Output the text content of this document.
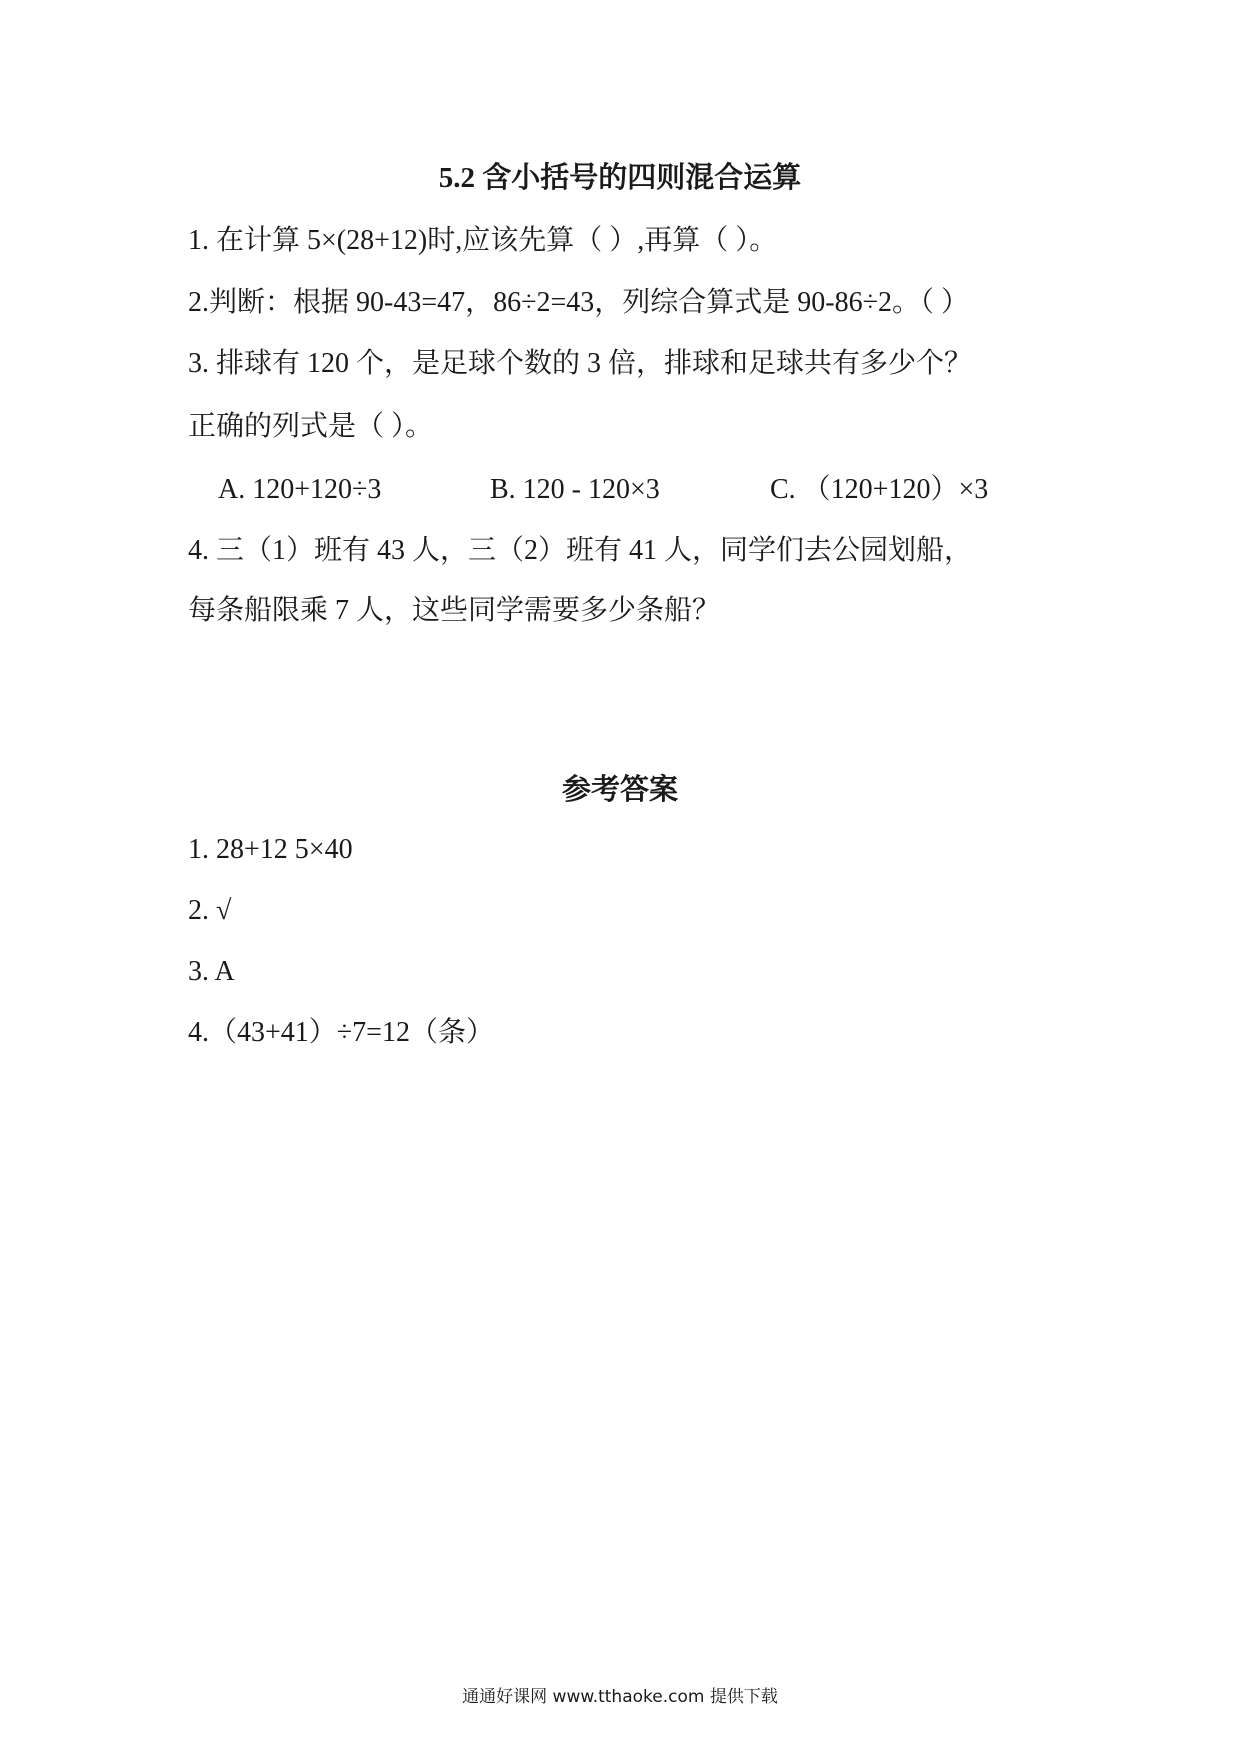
5.2 含小括号的四则混合运算
1. 在计算 5×(28+12)时,应该先算（ ）,再算（ ）。
2.判断：根据 90-43=47，86÷2=43，列综合算式是 90-86÷2。（ ）
3. 排球有 120 个，是足球个数的 3 倍，排球和足球共有多少个？
正确的列式是（ ）。
A. 120+120÷3	B. 120 - 120×3	C. （120+120）×3
4. 三（1）班有 43 人，三（2）班有 41 人，同学们去公园划船，
每条船限乘 7 人，这些同学需要多少条船？
参考答案
1. 28+12 5×40
2. √
3. A
4.（43+41）÷7=12（条）
通通好课网 www.tthaoke.com 提供下载
